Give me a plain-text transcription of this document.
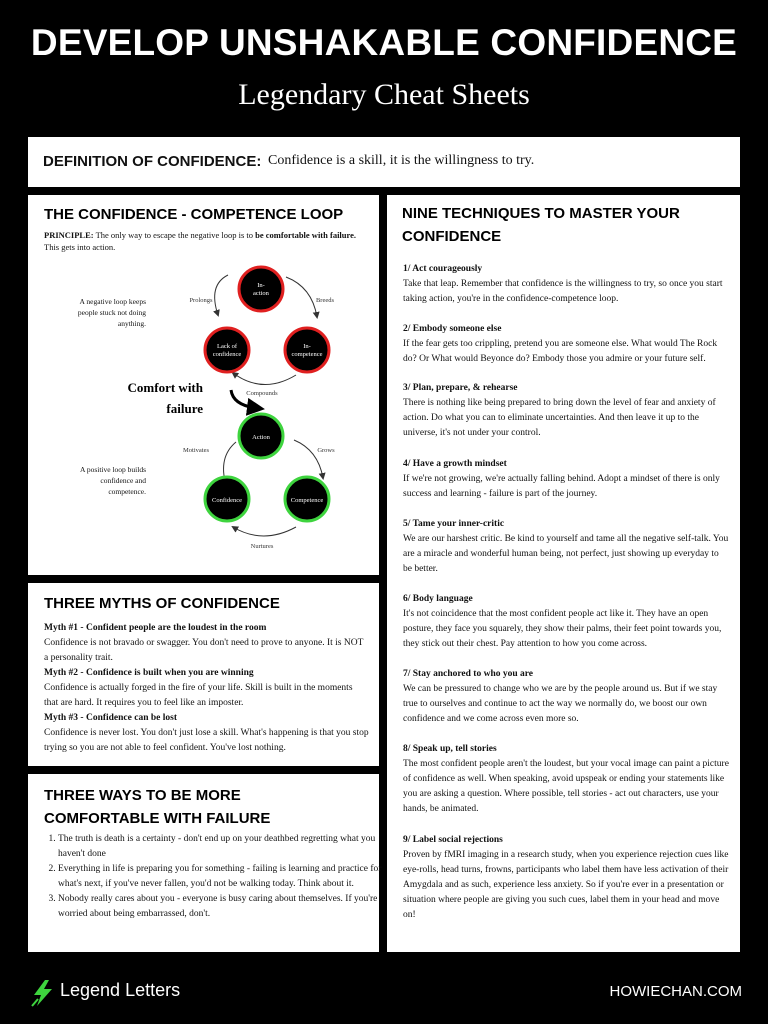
DEVELOP UNSHAKABLE CONFIDENCE
Legendary Cheat Sheets
DEFINITION OF CONFIDENCE: Confidence is a skill, it is the willingness to try.
THE CONFIDENCE - COMPETENCE LOOP
PRINCIPLE: The only way to escape the negative loop is to be comfortable with failure. This gets into action.
In-
action
In-
competence
Lack of
confidence
Action
Competence
Confidence
Prolongs	Breeds
Compounds
Motivates	Grows
Nurtures
Comfort with
failure
A negative loop keeps people stuck not doing anything.
A positive loop builds confidence and competence.
THREE MYTHS OF CONFIDENCE
Myth #1 - Confident people are the loudest in the room
Confidence is not bravado or swagger. You don't need to prove to anyone. It is NOT a personality trait.
Myth #2 - Confidence is built when you are winning
Confidence is actually forged in the fire of your life. Skill is built in the moments that are hard. It requires you to feel like an imposter.
Myth #3 - Confidence can be lost
Confidence is never lost. You don't just lose a skill. What's happening is that you stop trying so you are not able to feel confident. You've lost nothing.
THREE WAYS TO BE MORE
COMFORTABLE WITH FAILURE
1. The truth is death is a certainty - don't end up on your deathbed regretting what you haven't done
2. Everything in life is preparing you for something - failing is learning and practice for what's next, if you've never fallen, you'd not be walking today. Think about it.
3. Nobody really cares about you - everyone is busy caring about themselves. If you're worried about being embarrassed, don't.
NINE TECHNIQUES TO MASTER YOUR
CONFIDENCE
1/ Act courageously
Take that leap. Remember that confidence is the willingness to try, so once you start taking action, you're in the confidence-competence loop.
2/ Embody someone else
If the fear gets too crippling, pretend you are someone else. What would The Rock do? Or What would Beyonce do? Embody those you admire or your future self.
3/ Plan, prepare, & rehearse
There is nothing like being prepared to bring down the level of fear and anxiety of action. Do what you can to eliminate uncertainties. And then leave it up to the universe, it's not under your control.
4/ Have a growth mindset
If we're not growing, we're actually falling behind. Adopt a mindset of there is only success and learning - failure is part of the journey.
5/ Tame your inner-critic
We are our harshest critic. Be kind to yourself and tame all the negative self-talk. You are a miracle and wonderful human being, not perfect, just showing up everyday to be better.
6/ Body language
It's not coincidence that the most confident people act like it. They have an open posture, they face you squarely, they show their palms, their feet point towards you, they stick out their chest. Pay attention to how you come across.
7/ Stay anchored to who you are
We can be pressured to change who we are by the people around us. But if we stay true to ourselves and continue to act the way we normally do, we boost our own confidence and we come across even more so.
8/ Speak up, tell stories
The most confident people aren't the loudest, but your vocal image can paint a picture of confidence as well. When speaking, avoid upspeak or ending your statements like you are asking a question. Where possible, tell stories - act out characters, use your hands, be animated.
9/ Label social rejections
Proven by fMRI imaging in a research study, when you experience rejection cues like eye-rolls, head turns, frowns, participants who label them have less activation of their Amygdala and as such, experience less anxiety. So if you're ever in a presentation or situation where people are giving you such cues, label them in your head and move on!
Legend Letters	HOWIECHAN.COM
